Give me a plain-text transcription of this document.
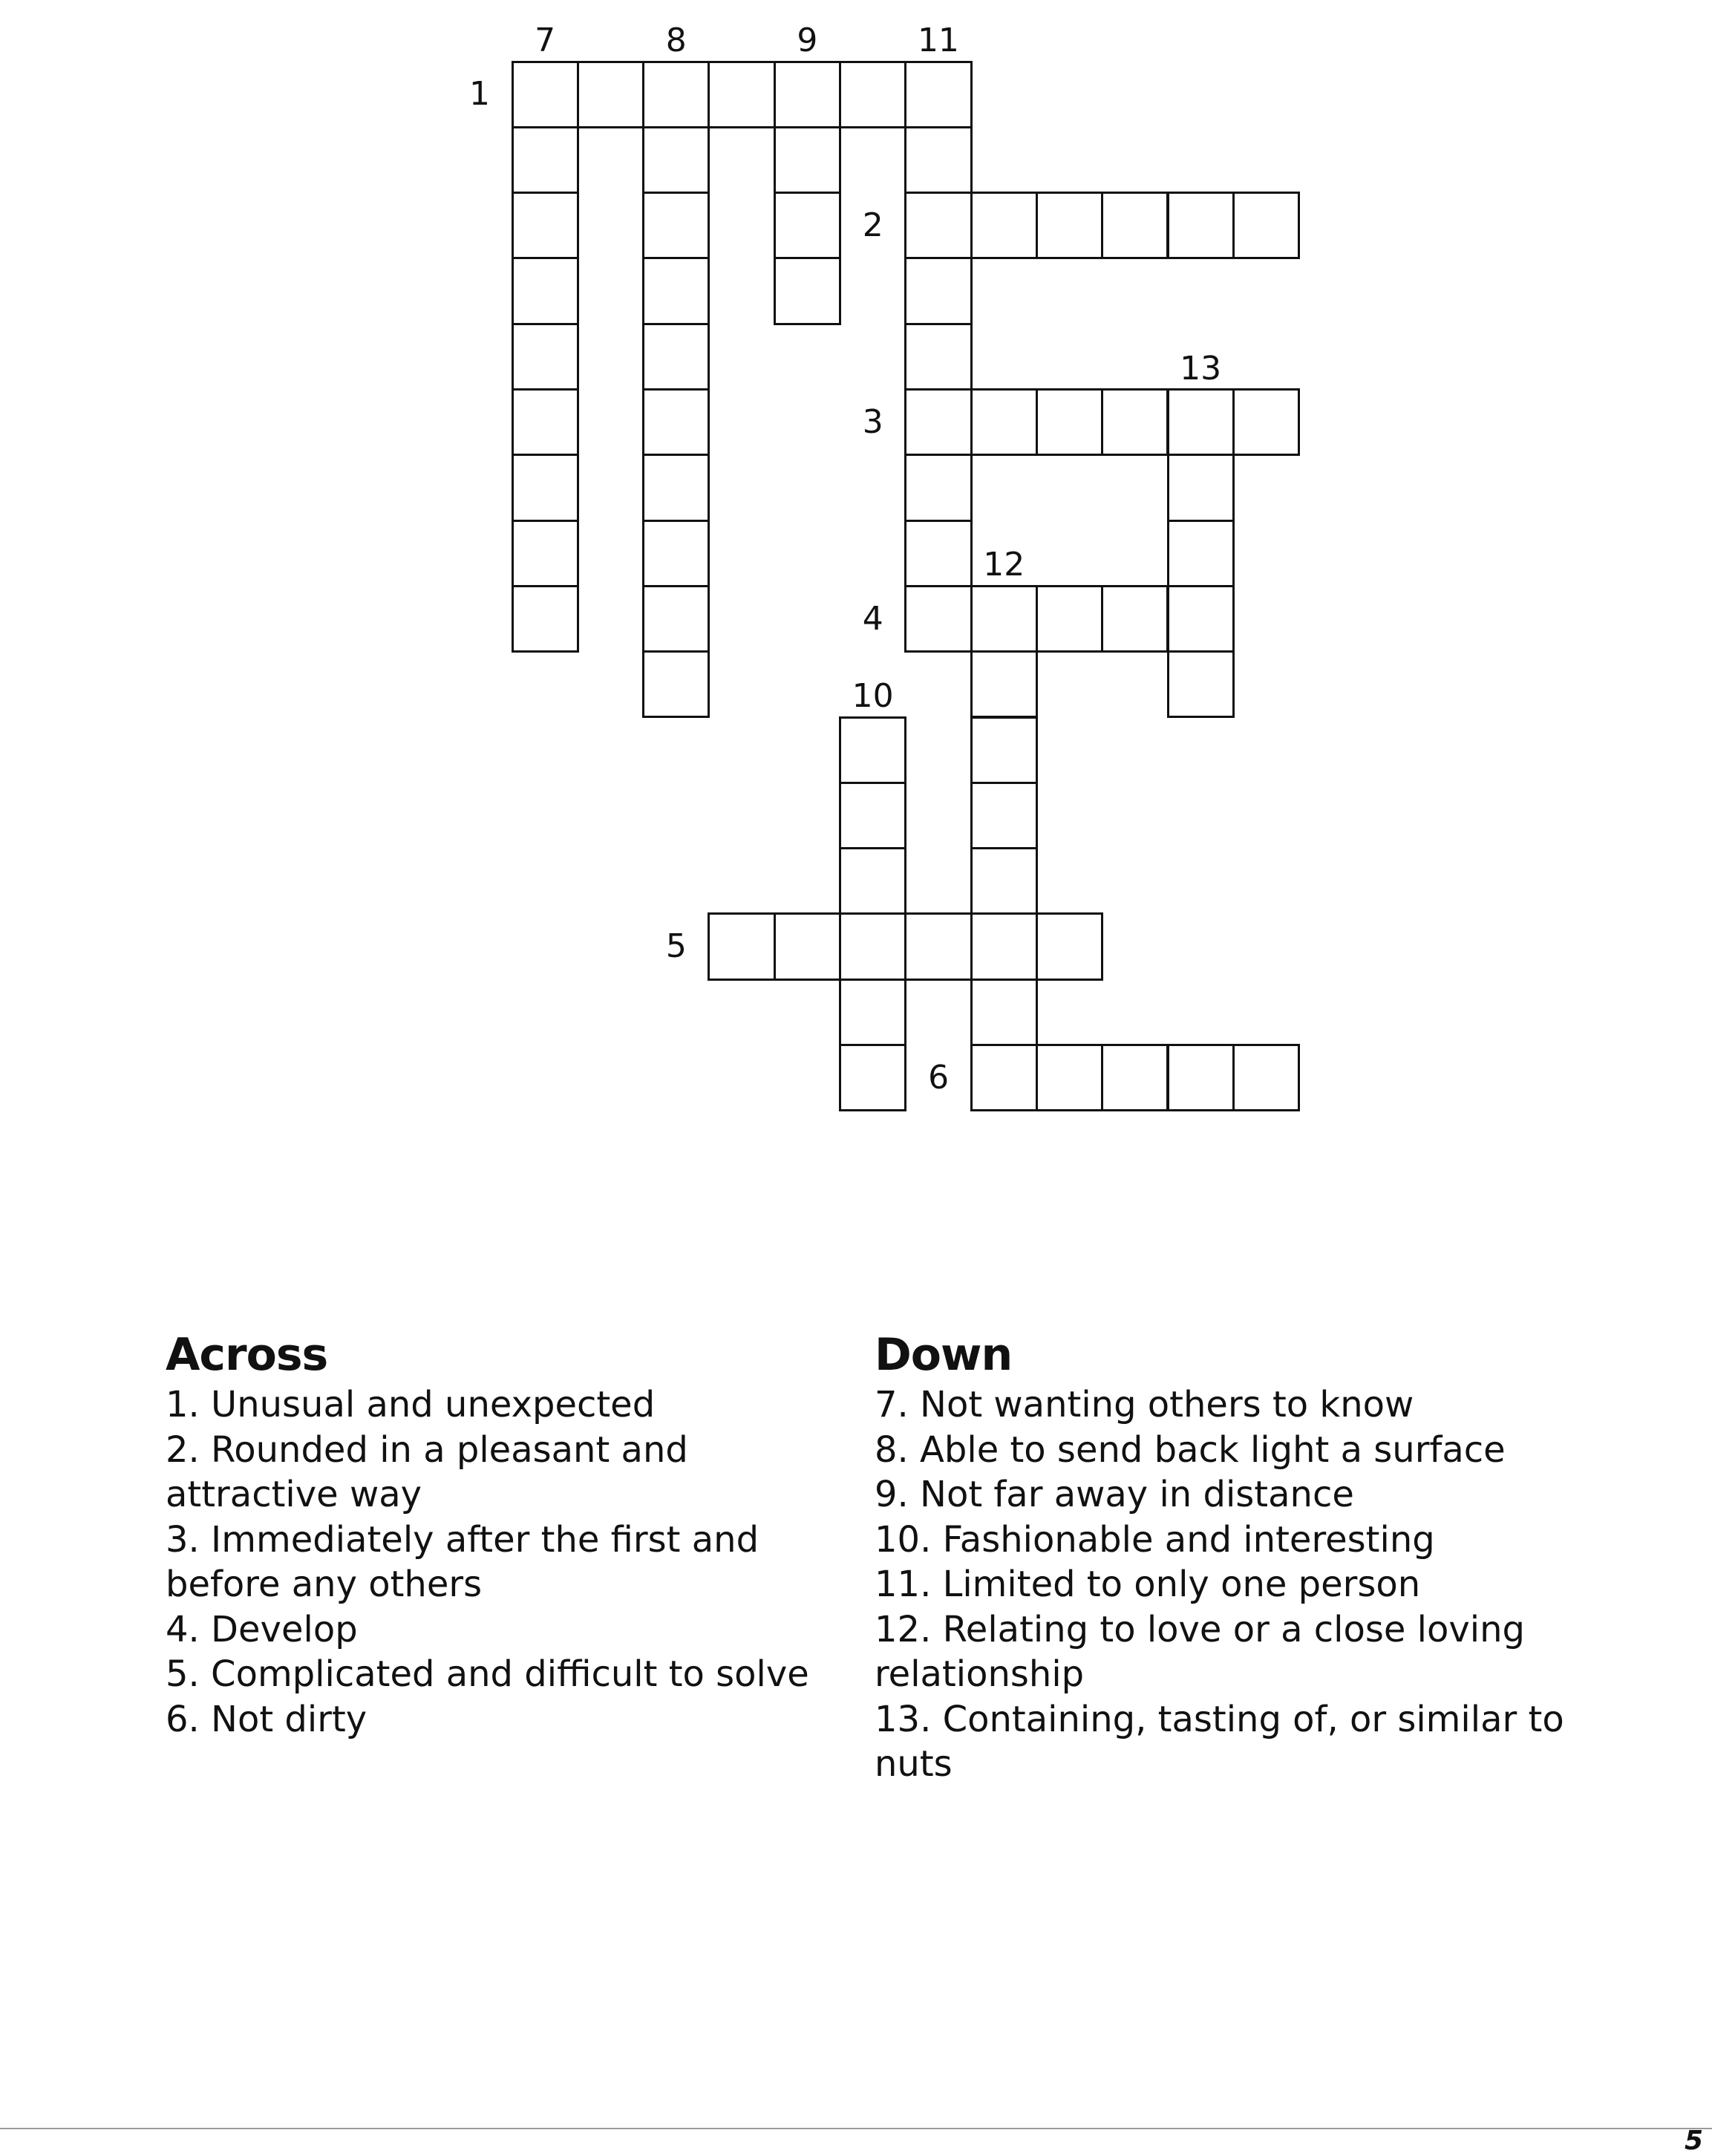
7	8	9	11
1
2
13
3
12
4
10
5
6
Across
1. Unusual and unexpected
2. Rounded in a pleasant and
attractive way
3. Immediately after the first and
before any others
4. Develop
5. Complicated and difficult to solve
6. Not dirty
Down
7. Not wanting others to know
8. Able to send back light a surface
9. Not far away in distance
10. Fashionable and interesting
11. Limited to only one person
12. Relating to love or a close loving
relationship
13. Containing, tasting of, or similar to
nuts
5
